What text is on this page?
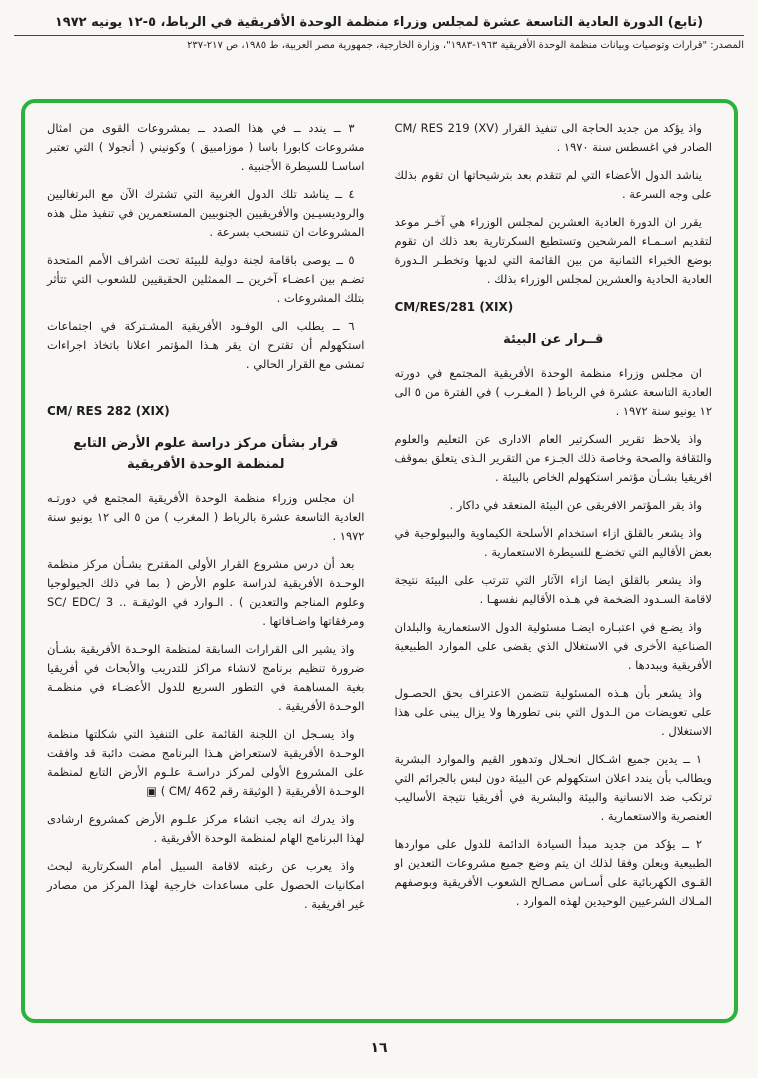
(تابع) الدورة العادية التاسعة عشرة لمجلس وزراء منظمة الوحدة الأفريقية في الرباط، ٥-١٢ يونيه ١٩٧٢
المصدر: "قرارات وتوصيات وبيانات منظمة الوحدة الأفريقية ١٩٦٣-١٩٨٣"، وزارة الخارجية، جمهورية مصر العربية، ط ١٩٨٥، ص ٢١٧-٢٣٧

واذ يؤكد من جديد الحاجة الى تنفيذ القرار CM/ RES 219 (XV) الصادر في اغسطس سنة ١٩٧٠ .

يناشد الدول الأعضاء التي لم تتقدم بعد بترشيحاتها ان تقوم بذلك على وجه السرعة .

يقرر ان الدورة العادية العشرين لمجلس الوزراء هي آخـر موعد لتقديم اسـمـاء المرشحين وتستطيع السكرتارية بعد ذلك ان تقوم بوضع الخبراء الثمانية من بين القائمة التي لديها وتخطـر الـدورة العادية الحادية والعشرين لمجلس الوزراء بذلك .

CM/RES/281 (XIX)
قــرار عن البيئة

ان مجلس وزراء منظمة الوحدة الأفريقية المجتمع في دورته العادية التاسعة عشرة في الرباط ( المغـرب ) في الفترة من ٥ الى ١٢ يونيو سنة ١٩٧٢ .

واذ يلاحظ تقرير السكرتير العام الادارى عن التعليم والعلوم والثقافة والصحة وخاصة ذلك الجـزء من التقرير الـذى يتعلق بموقف افريقيا بشـأن مؤتمر استكهولم الخاص بالبيئة .

واذ يقر المؤتمر الافريقى عن البيئة المنعقد في داكار .

واذ يشعر بالقلق ازاء استخدام الأسلحة الكيماوية والبيولوجية في بعض الأقاليم التي تخضـع للسيطرة الاستعمارية .

واذ يشعر بالقلق ايضا ازاء الآثار التي تترتب على البيئة نتيجة لاقامة السـدود الضخمة في هـذه الأقاليم نفسهـا .

واذ يضـع في اعتبـاره ايضـا مسئولية الدول الاستعمارية والبلدان الصناعية الأخرى في الاستغلال الذي يقضى على الموارد الطبيعية الأفريقية ويبددها .

واذ يشعر بأن هـذه المسئولية تتضمن الاعتراف بحق الحصـول على تعويضات من الـدول التي بنى تطورها ولا يزال يبنى على هذا الاستغلال .

١ ــ يدين جميع اشـكال انحـلال وتدهور القيم والموارد البشرية ويطالب بأن يندد اعلان استكهولم عن البيئة دون لبس بالجرائم التي ترتكب ضد الانسانية والبيئة والبشرية في أفريقيا نتيجة الأساليب العنصرية والاستعمارية .

٢ ــ يؤكد من جديد مبدأ السيادة الدائمة للدول على مواردها الطبيعية ويعلن وفقا لذلك ان يتم وضع جميع مشروعات التعدين او القـوى الكهربائية على أسـاس مصـالح الشعوب الأفريقية وبوصفهم المـلاك الشرعيين الوحيدين لهذه الموارد .

٣ ــ يندد ــ في هذا الصدد ــ بمشروعات القوى من امثال مشروعات كابورا باسا ( موزامبيق ) وكونيني ( أنجولا ) التي تعتبر اساسـا للسيطرة الأجنبية .

٤ ــ يناشد تلك الدول الغربية التي تشترك الآن مع البرتغاليين والروديسيـين والأفريقيين الجنوبيين المستعمرين في تنفيذ مثل هذه المشروعات ان تنسحب بسرعة .

٥ ــ يوصى باقامة لجنة دولية للبيئة تحت اشراف الأمم المتحدة تضـم بين اعضـاء آخرين ــ الممثلين الحقيقيين للشعوب التي تتأثر بتلك المشروعات .

٦ ــ يطلب الى الوفـود الأفريقية المشـتركة في اجتماعات استكهولم أن تقترح ان يقر هـذا المؤتمر اعلانا باتخاذ اجراءات تمشى مع القرار الحالي .

CM/ RES 282 (XIX)
قرار بشأن مركز دراسة علوم الأرض التابع لمنظمة الوحدة الأفريقية

ان مجلس وزراء منظمة الوحدة الأفريقية المجتمع في دورتـه العادية التاسعة عشرة بالرباط ( المغرب ) من ٥ الى ١٢ يونيو سنة ١٩٧٢ .

بعد أن درس مشروع القرار الأولى المقترح بشـأن مركز منظمة الوحـدة الأفريقية لدراسة علوم الأرض ( بما في ذلك الجيولوجيا وعلوم المناجم والتعدين ) . الـوارد في الوثيقـة .. SC/ EDC/ 3 ومرفقاتها واضـافاتها .

واذ يشير الى القرارات السابقة لمنظمة الوحـدة الأفريقية بشـأن ضرورة تنظيم برنامج لانشاء مراكز للتدريب والأبحاث في أفريقيا بغية المساهمة في التطور السريع للدول الأعضـاء في منظمـة الوحـدة الأفريقية .

واذ يسـجل ان اللجنة القائمة على التنفيذ التي شكلتها منظمة الوحـدة الأفريقية لاستعراض هـذا البرنامج مضت دائبة قد وافقت على المشروع الأولى لمركز دراسـة علـوم الأرض التابع لمنظمة الوحـدة الأفريقية ( الوثيقة رقم CM/ 462 ) ▣

واذ يدرك انه يجب انشاء مركز علـوم الأرض كمشروع ارشادى لهذا البرنامج الهام لمنظمة الوحدة الأفريقية .

واذ يعرب عن رغبته لاقامة السبيل أمام السكرتارية لبحث امكانيات الحصول على مساعدات خارجية لهذا المركز من مصادر غير افريقية .

١٦
